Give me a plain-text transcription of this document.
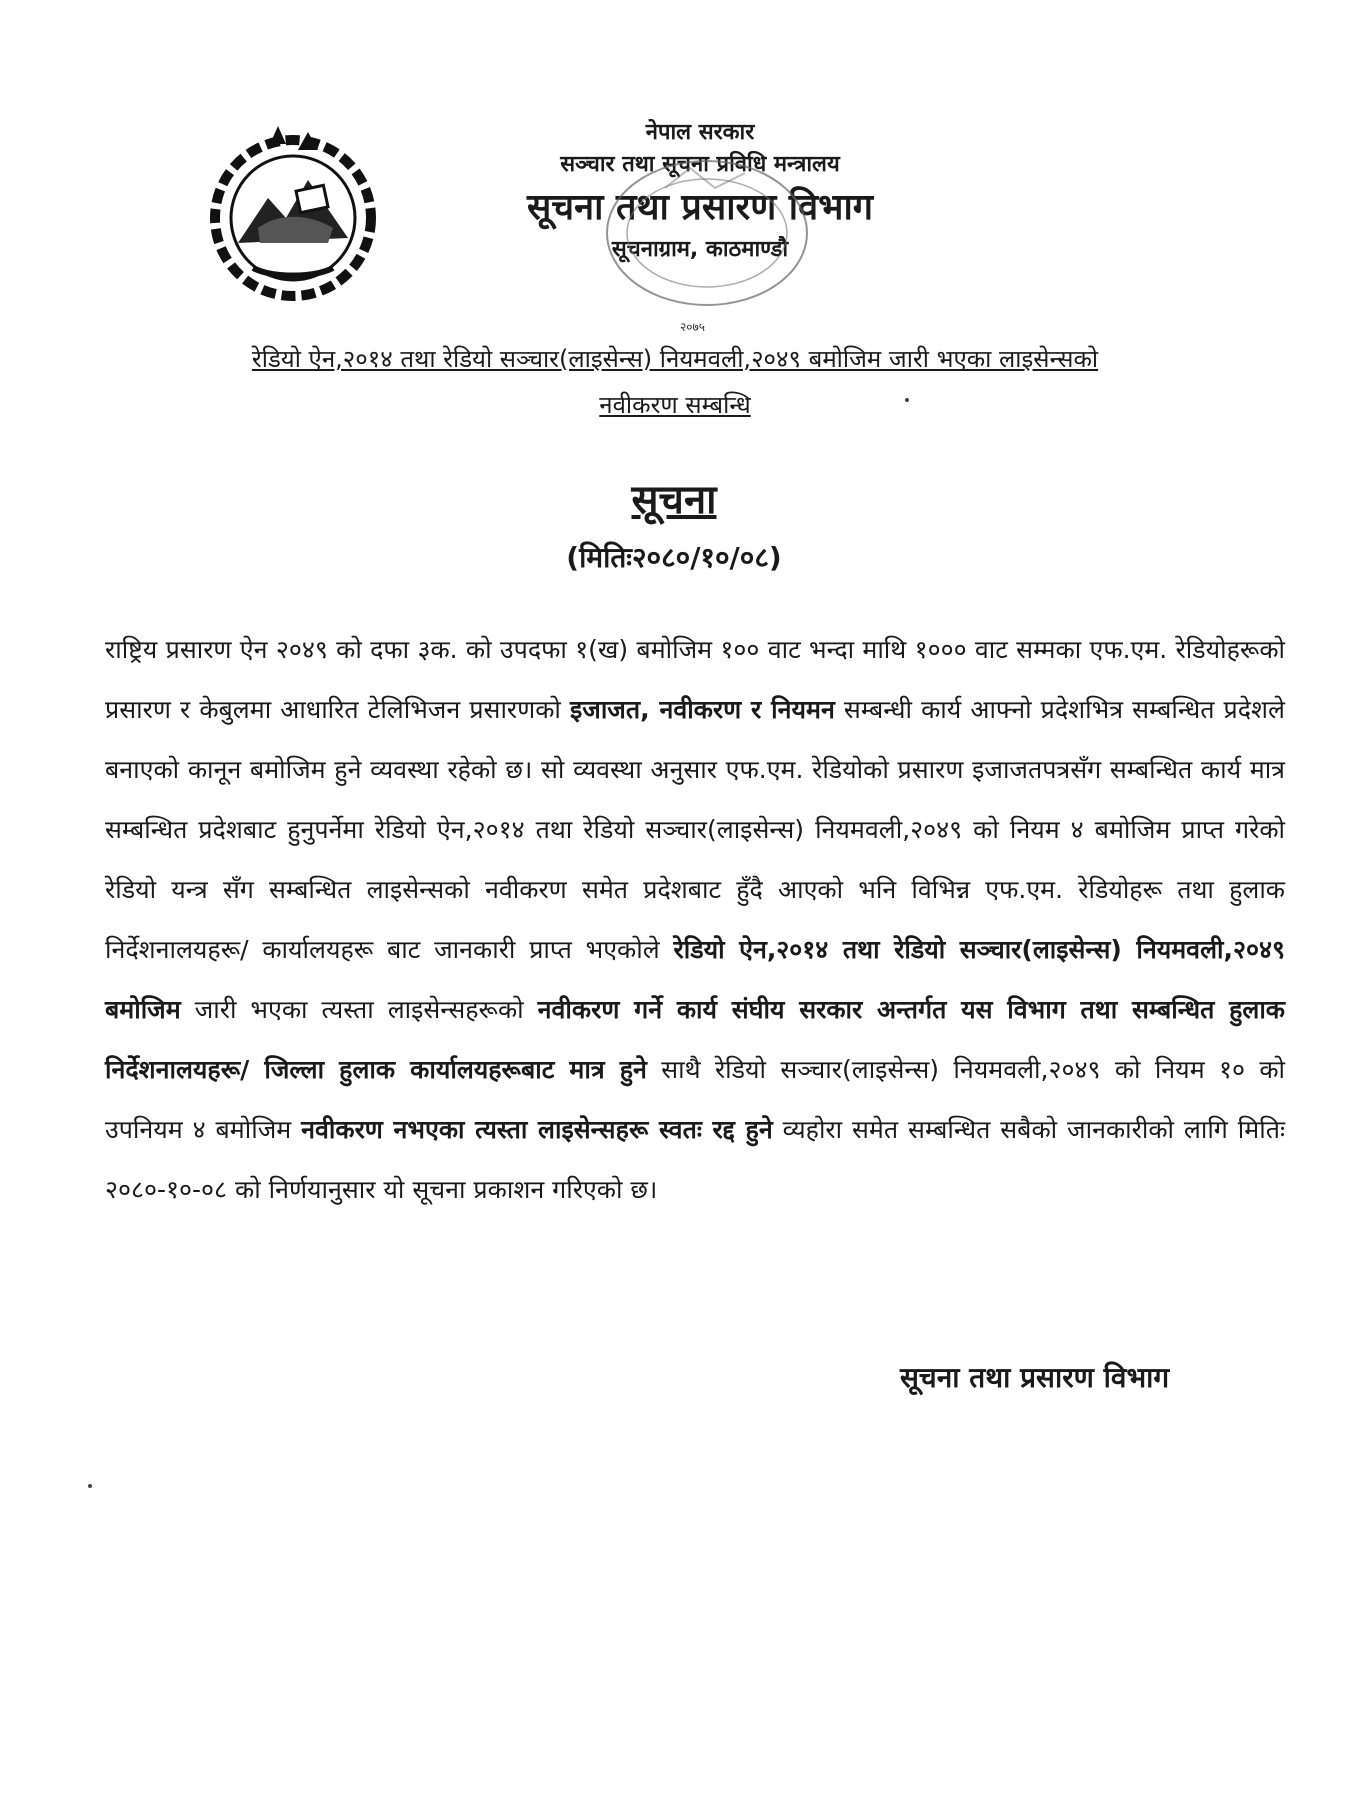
नेपाल सरकार
सञ्चार तथा सूचना प्रविधि मन्त्रालय
सूचना तथा प्रसारण विभाग
सूचनाग्राम, काठमाण्डौ
२०७५
रेडियो ऐन,२०१४ तथा रेडियो सञ्चार(लाइसेन्स) नियमवली,२०४९ बमोजिम जारी भएका लाइसेन्सको
नवीकरण सम्बन्धि
सूचना
(मितिः२०८०/१०/०८)
राष्ट्रिय प्रसारण ऐन २०४९ को दफा ३क. को उपदफा १(ख) बमोजिम १०० वाट भन्दा माथि १००० वाट सम्मका एफ.एम. रेडियोहरूको प्रसारण र केबुलमा आधारित टेलिभिजन प्रसारणको इजाजत, नवीकरण र नियमन सम्बन्धी कार्य आफ्नो प्रदेशभित्र सम्बन्धित प्रदेशले बनाएको कानून बमोजिम हुने व्यवस्था रहेको छ। सो व्यवस्था अनुसार एफ.एम. रेडियोको प्रसारण इजाजतपत्रसँग सम्बन्धित कार्य मात्र सम्बन्धित प्रदेशबाट हुनुपर्नेमा रेडियो ऐन,२०१४ तथा रेडियो सञ्चार(लाइसेन्स) नियमवली,२०४९ को नियम ४ बमोजिम प्राप्त गरेको रेडियो यन्त्र सँग सम्बन्धित लाइसेन्सको नवीकरण समेत प्रदेशबाट हुँदै आएको भनि विभिन्न एफ.एम. रेडियोहरू तथा हुलाक निर्देशनालयहरू/ कार्यालयहरू बाट जानकारी प्राप्त भएकोले रेडियो ऐन,२०१४ तथा रेडियो सञ्चार(लाइसेन्स) नियमवली,२०४९ बमोजिम जारी भएका त्यस्ता लाइसेन्सहरूको नवीकरण गर्ने कार्य संघीय सरकार अन्तर्गत यस विभाग तथा सम्बन्धित हुलाक निर्देशनालयहरू/ जिल्ला हुलाक कार्यालयहरूबाट मात्र हुने साथै रेडियो सञ्चार(लाइसेन्स) नियमवली,२०४९ को नियम १० को उपनियम ४ बमोजिम नवीकरण नभएका त्यस्ता लाइसेन्सहरू स्वतः रद्द हुने व्यहोरा समेत सम्बन्धित सबैको जानकारीको लागि मितिः २०८०-१०-०८ को निर्णयानुसार यो सूचना प्रकाशन गरिएको छ।
सूचना तथा प्रसारण विभाग
